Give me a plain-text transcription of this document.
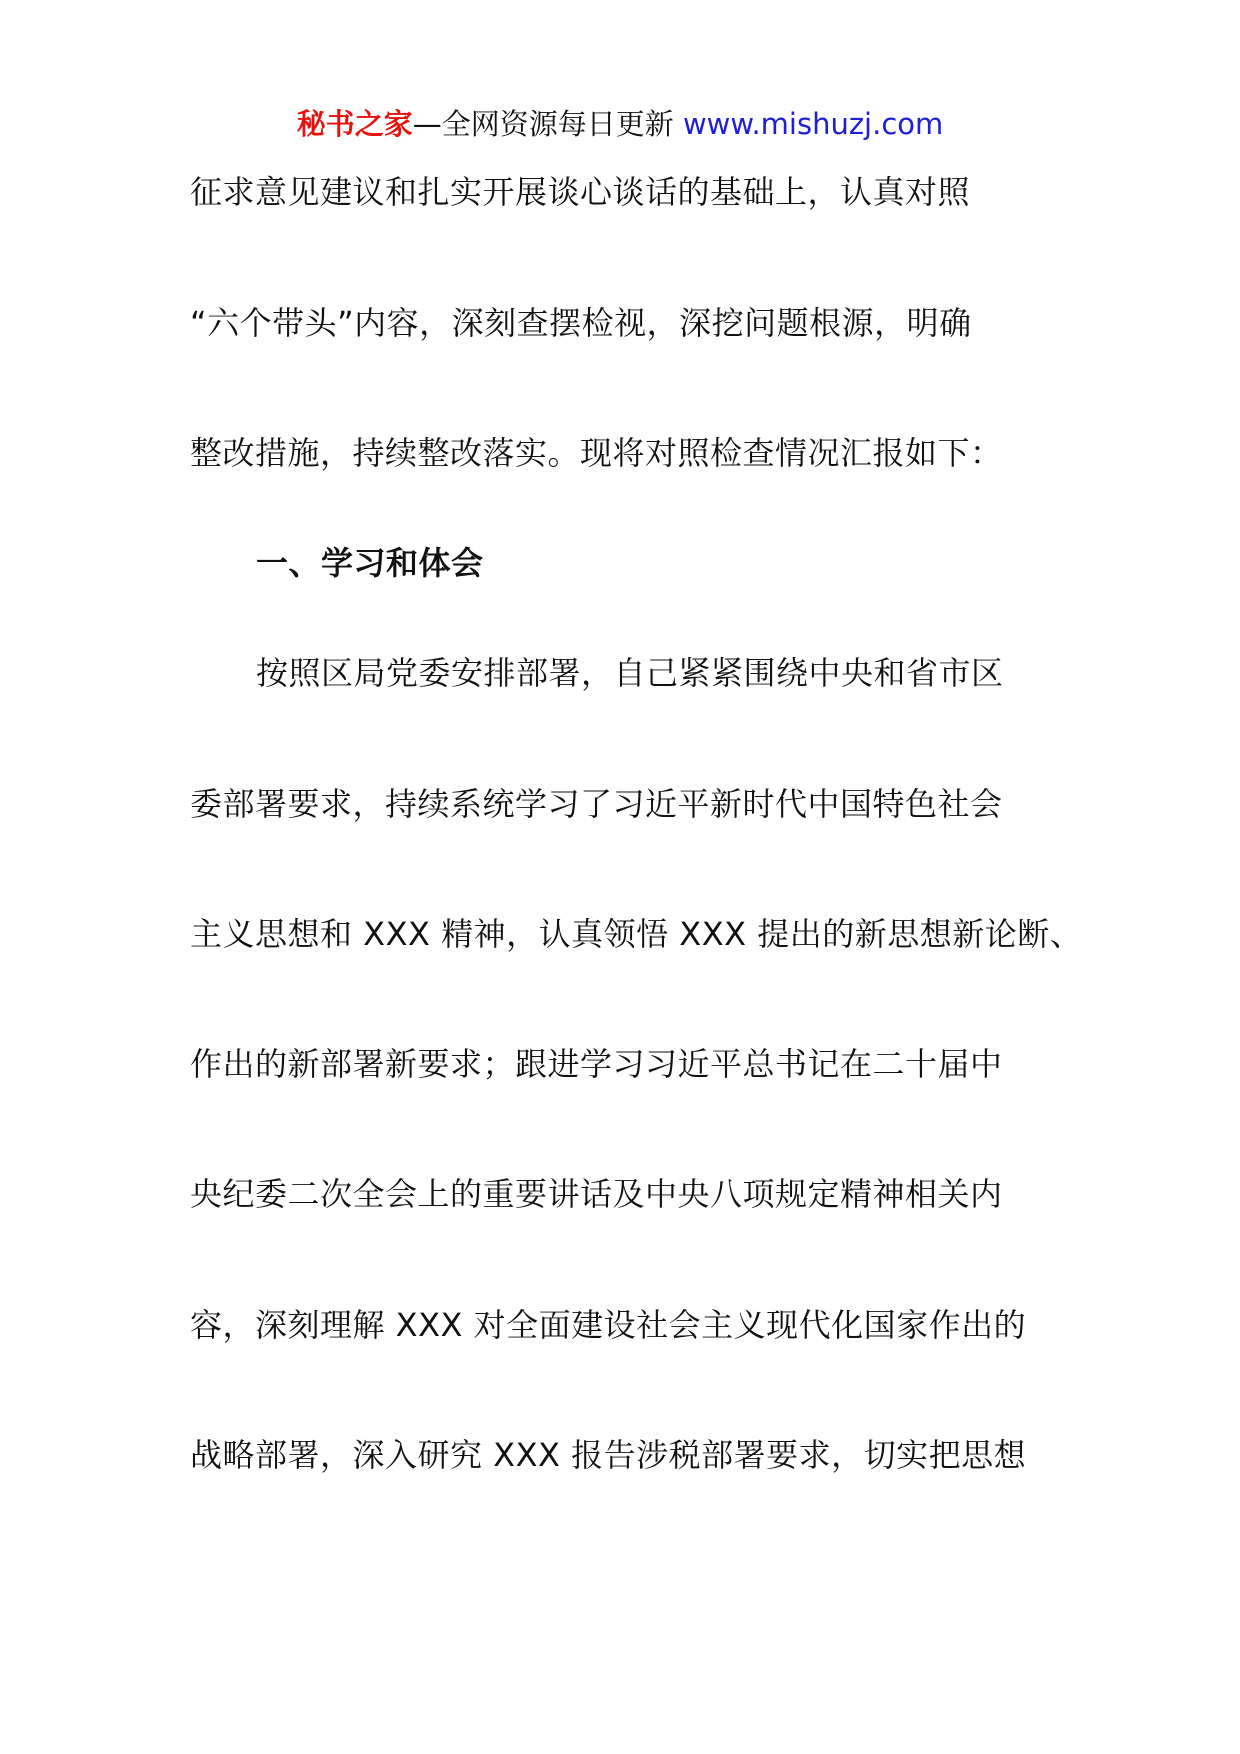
秘书之家—全网资源每日更新 www.mishuzj.com
征求意见建议和扎实开展谈心谈话的基础上，认真对照
“六个带头”内容，深刻查摆检视，深挖问题根源，明确
整改措施，持续整改落实。现将对照检查情况汇报如下：
一、学习和体会
按照区局党委安排部署，自己紧紧围绕中央和省市区
委部署要求，持续系统学习了习近平新时代中国特色社会
主义思想和 XXX 精神，认真领悟 XXX 提出的新思想新论断、
作出的新部署新要求；跟进学习习近平总书记在二十届中
央纪委二次全会上的重要讲话及中央八项规定精神相关内
容，深刻理解 XXX 对全面建设社会主义现代化国家作出的
战略部署，深入研究 XXX 报告涉税部署要求，切实把思想
